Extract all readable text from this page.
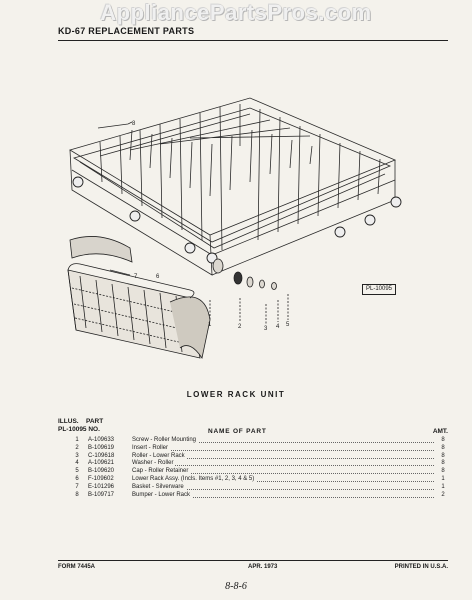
AppliancePartsPros.com
KD-67 REPLACEMENT PARTS
8
7	6
1	2	3 4 5
PL-10095
LOWER RACK UNIT
ILLUS. PART
PL-10095 NO.	NAME OF PART	AMT.
1	A-109633	Screw - Roller Mounting	8
2	B-109619	Insert - Roller	8
3	C-109618	Roller - Lower Rack	8
4	A-109621	Washer - Roller	8
5	B-109620	Cap - Roller Retainer	8
6	F-109602	Lower Rack Assy. (Incls. Items #1, 2, 3, 4 & 5)	1
7	E-101296	Basket - Silverware	1
8	B-109717	Bumper - Lower Rack	2
FORM 7445A	APR. 1973	PRINTED IN U.S.A.
8-8-6
